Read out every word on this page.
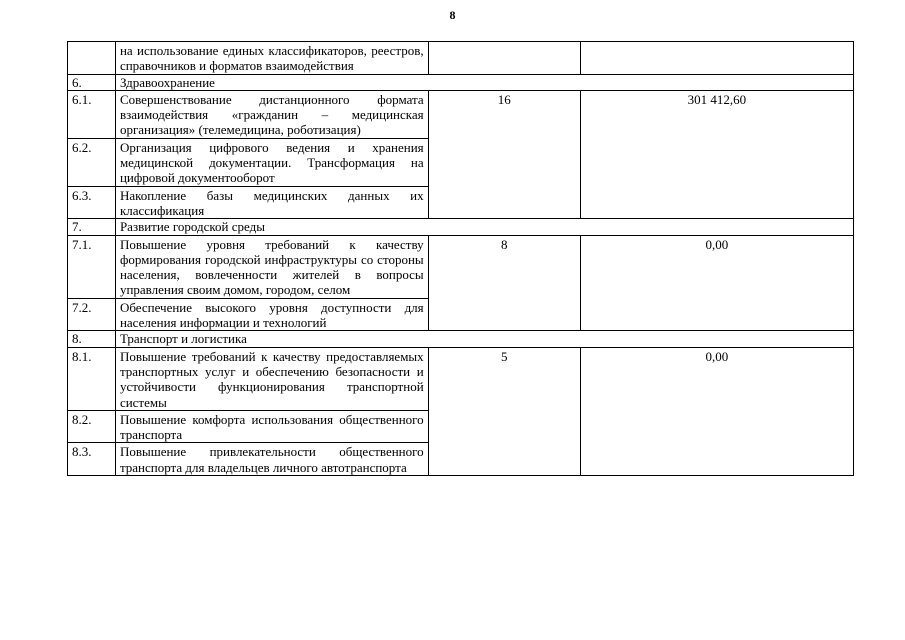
8
	на использование единых классификаторов, реестров, справочников и форматов взаимодействия		
6.	Здравоохранение		
6.1.	Совершенствование дистанционного формата взаимодействия «гражданин – медицинская организация» (телемедицина, роботизация)	16	301 412,60
6.2.	Организация цифрового ведения и хранения медицинской документации. Трансформация на цифровой документооборот		
6.3.	Накопление базы медицинских данных их классификация		
7.	Развитие городской среды		
7.1.	Повышение уровня требований к качеству формирования городской инфраструктуры со стороны населения, вовлеченности жителей в вопросы управления своим домом, городом, селом	8	0,00
7.2.	Обеспечение высокого уровня доступности для населения информации и технологий		
8.	Транспорт и логистика		
8.1.	Повышение требований к качеству предоставляемых транспортных услуг и обеспечению безопасности и устойчивости функционирования транспортной системы	5	0,00
8.2.	Повышение комфорта использования общественного транспорта		
8.3.	Повышение привлекательности общественного транспорта для владельцев личного автотранспорта		
